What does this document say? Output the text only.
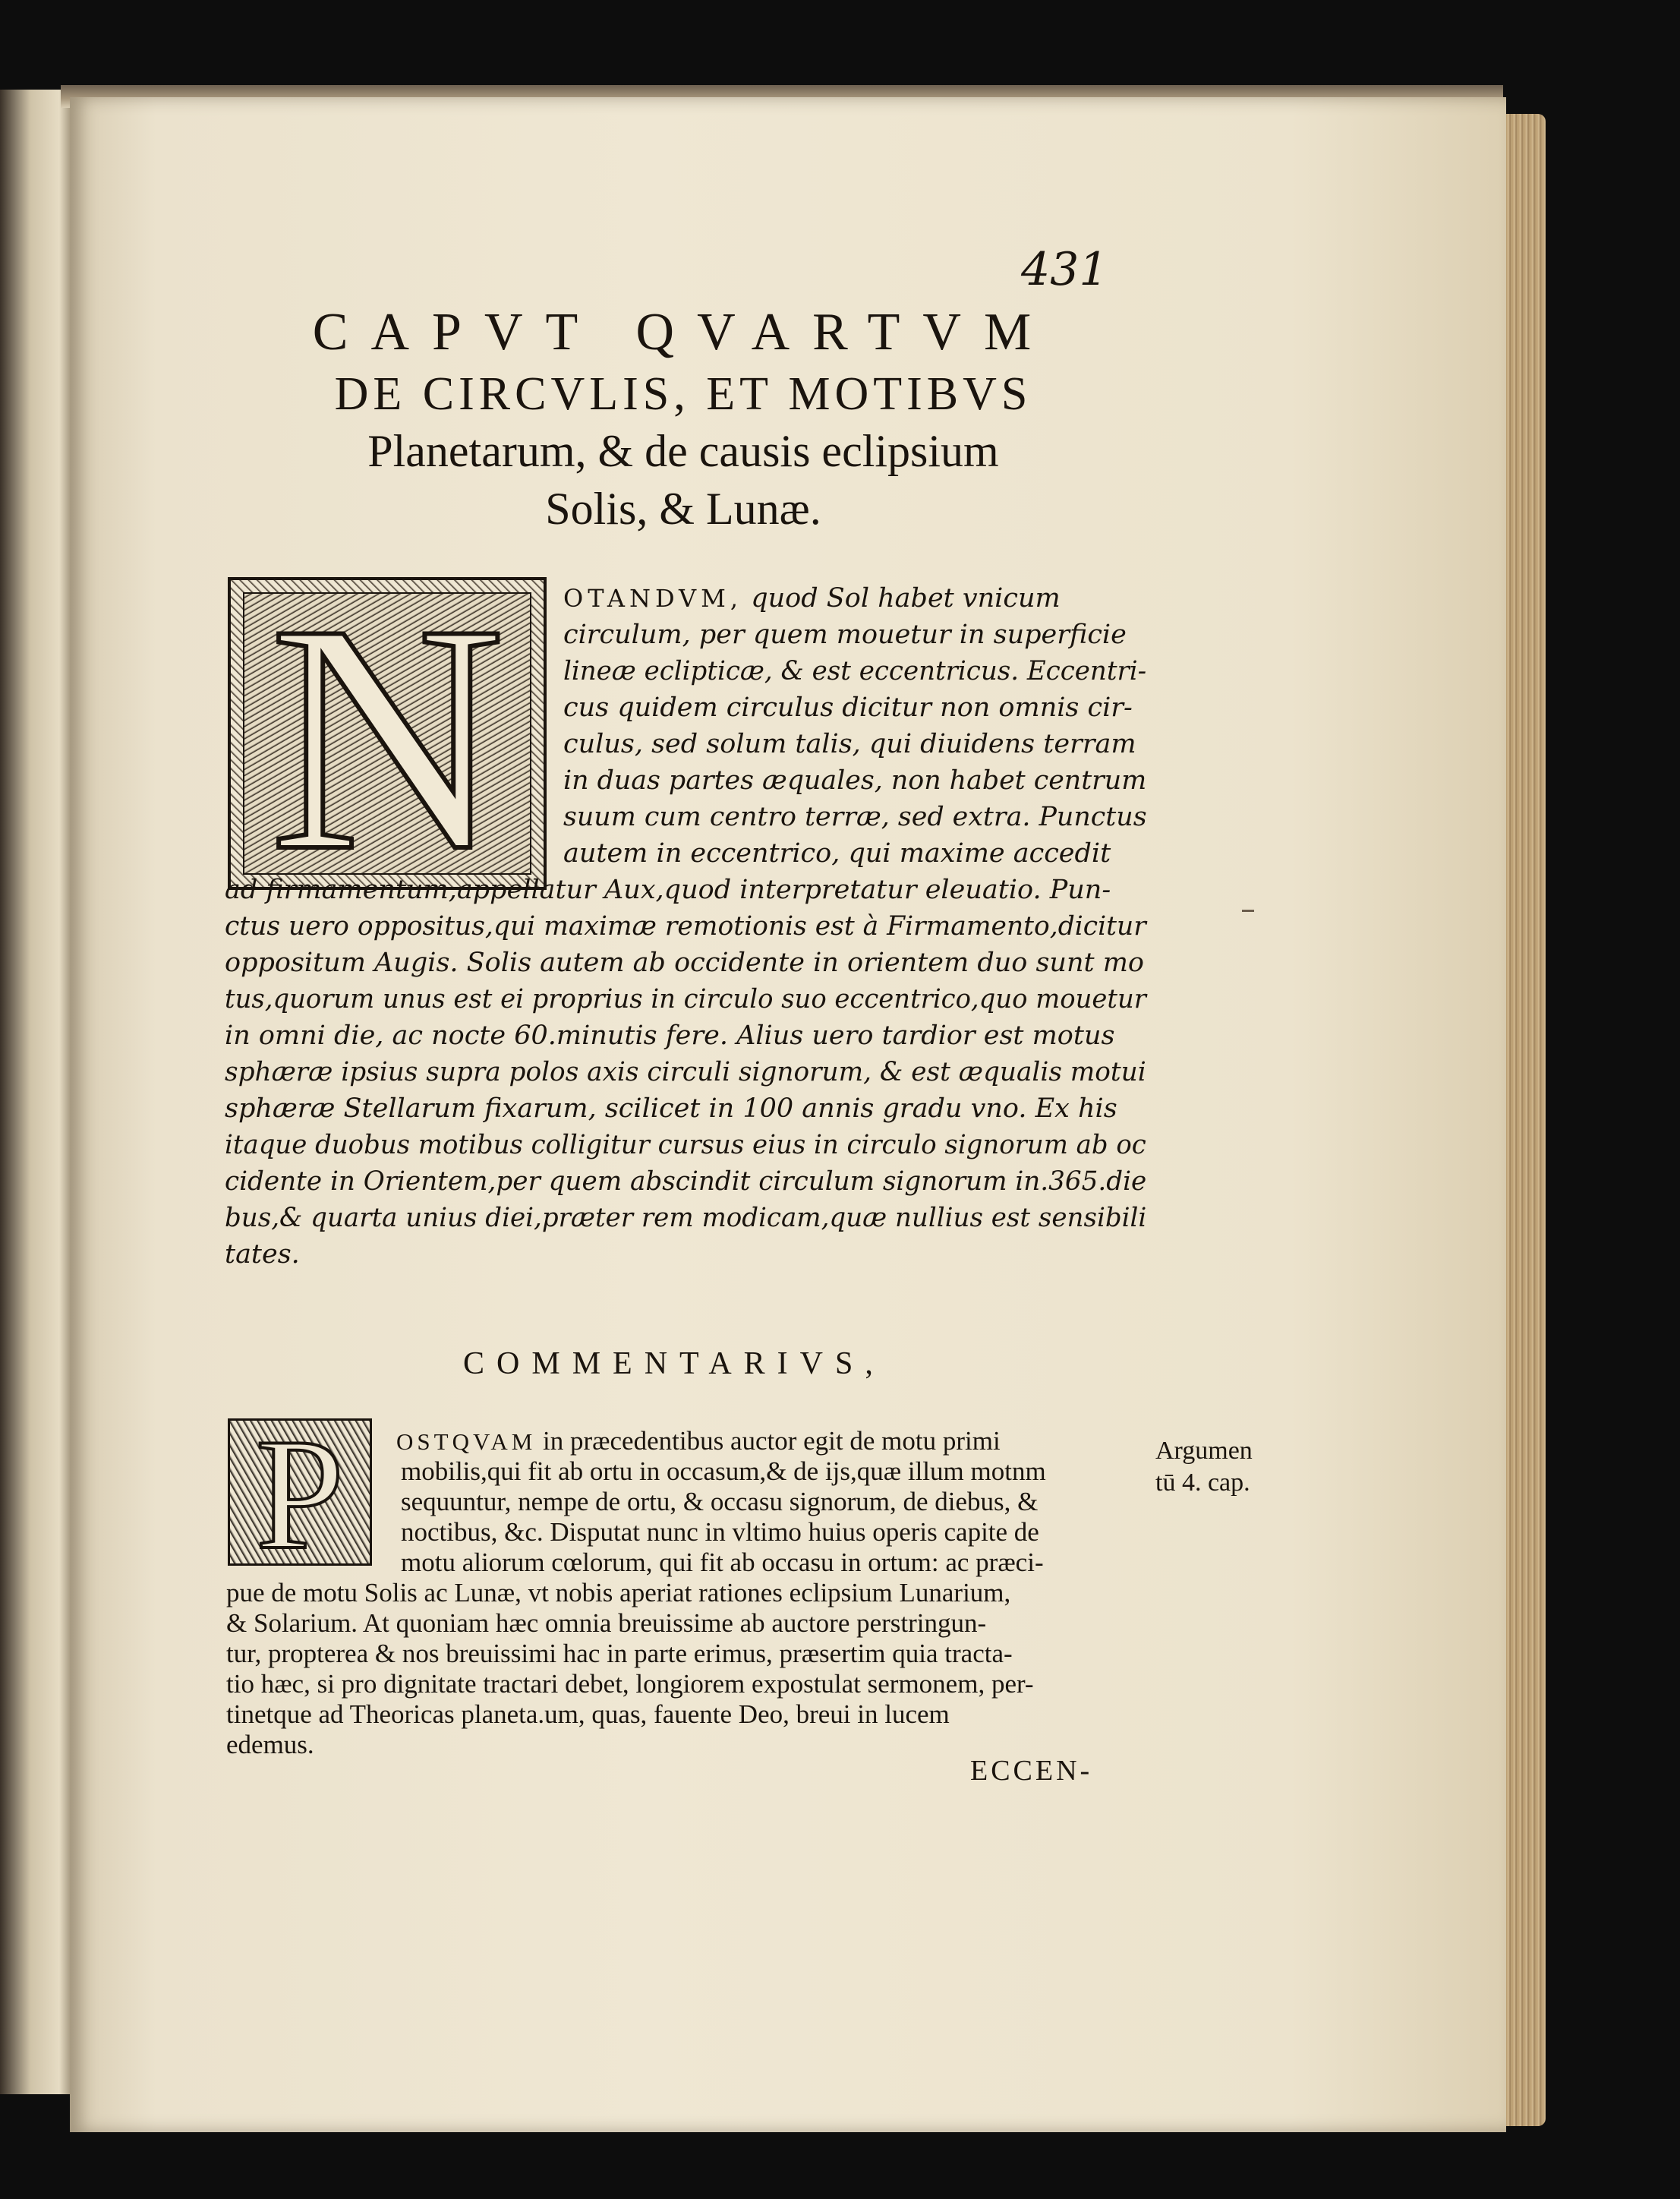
431
CAPVT QVARTVM
DE CIRCVLIS, ET MOTIBVS
Planetarum, & de causis eclipsium
Solis, & Lunæ.
N	OTANDVM, quod Sol habet vnicum
circulum, per quem mouetur in superficie
lineæ eclipticæ, & est eccentricus. Eccentri-
cus quidem circulus dicitur non omnis cir-
culus, sed solum talis, qui diuidens terram
in duas partes æquales, non habet centrum
suum cum centro terræ, sed extra. Punctus
autem in eccentrico, qui maxime accedit
ad firmamentum,appellatur Aux,quod interpretatur eleuatio. Pun-
ctus uero oppositus,qui maximæ remotionis est à Firmamento,dicitur
oppositum Augis. Solis autem ab occidente in orientem duo sunt mo
tus,quorum unus est ei proprius in circulo suo eccentrico,quo mouetur
in omni die, ac nocte 60.minutis fere. Alius uero tardior est motus
sphæræ ipsius supra polos axis circuli signorum, & est æqualis motui
sphæræ Stellarum fixarum, scilicet in 100 annis gradu vno. Ex his
itaque duobus motibus colligitur cursus eius in circulo signorum ab oc
cidente in Orientem,per quem abscindit circulum signorum in.365.die
bus,& quarta unius diei,præter rem modicam,quæ nullius est sensibili
tates.
COMMENTARIVS,
P	OSTQVAM in præcedentibus auctor egit de motu primi
mobilis,qui fit ab ortu in occasum,& de ijs,quæ illum motnm
sequuntur, nempe de ortu, & occasu signorum, de diebus, &
noctibus, &c. Disputat nunc in vltimo huius operis capite de
motu aliorum cœlorum, qui fit ab occasu in ortum: ac præci-
pue de motu Solis ac Lunæ, vt nobis aperiat rationes eclipsium Lunarium,
& Solarium. At quoniam hæc omnia breuissime ab auctore perstringun-
tur, propterea & nos breuissimi hac in parte erimus, præsertim quia tracta-
tio hæc, si pro dignitate tractari debet, longiorem expostulat sermonem, per-
tinetque ad Theoricas planeta.um, quas, fauente Deo, breui in lucem
edemus.
Argumen
tū 4. cap.
ECCEN-
